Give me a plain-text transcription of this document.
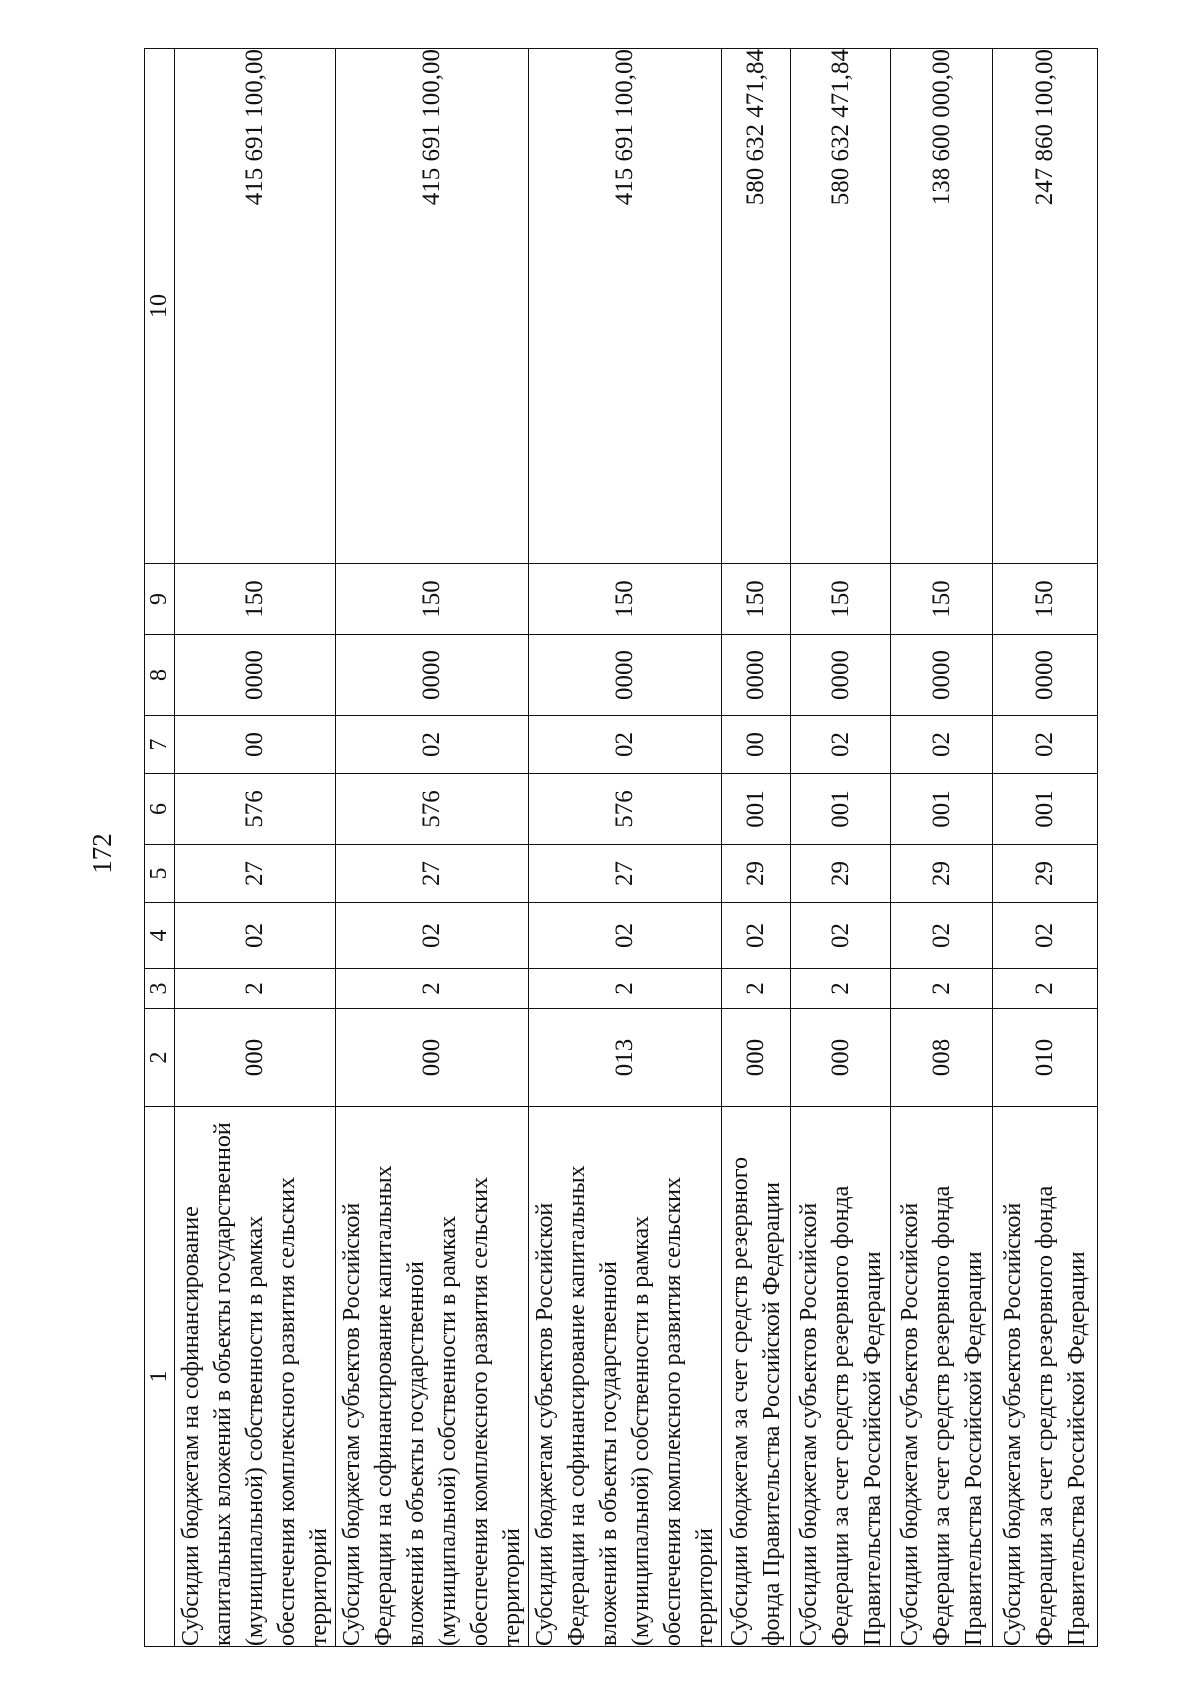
172
1	2	3	4	5	6	7	8	9	10
Субсидии бюджетам на софинансирование капитальных вложений в объекты государственной (муниципальной) собственности в рамках обеспечения комплексного развития сельских территорий	000	2	02	27	576	00	0000	150	415 691 100,00
Субсидии бюджетам субъектов Российской Федерации на софинансирование капитальных вложений в объекты государственной (муниципальной) собственности в рамках обеспечения комплексного развития сельских территорий	000	2	02	27	576	02	0000	150	415 691 100,00
Субсидии бюджетам субъектов Российской Федерации на софинансирование капитальных вложений в объекты государственной (муниципальной) собственности в рамках обеспечения комплексного развития сельских территорий	013	2	02	27	576	02	0000	150	415 691 100,00
Субсидии бюджетам за счет средств резервного фонда Правительства Российской Федерации	000	2	02	29	001	00	0000	150	580 632 471,84
Субсидии бюджетам субъектов Российской Федерации за счет средств резервного фонда Правительства Российской Федерации	000	2	02	29	001	02	0000	150	580 632 471,84
Субсидии бюджетам субъектов Российской Федерации за счет средств резервного фонда Правительства Российской Федерации	008	2	02	29	001	02	0000	150	138 600 000,00
Субсидии бюджетам субъектов Российской Федерации за счет средств резервного фонда Правительства Российской Федерации	010	2	02	29	001	02	0000	150	247 860 100,00
